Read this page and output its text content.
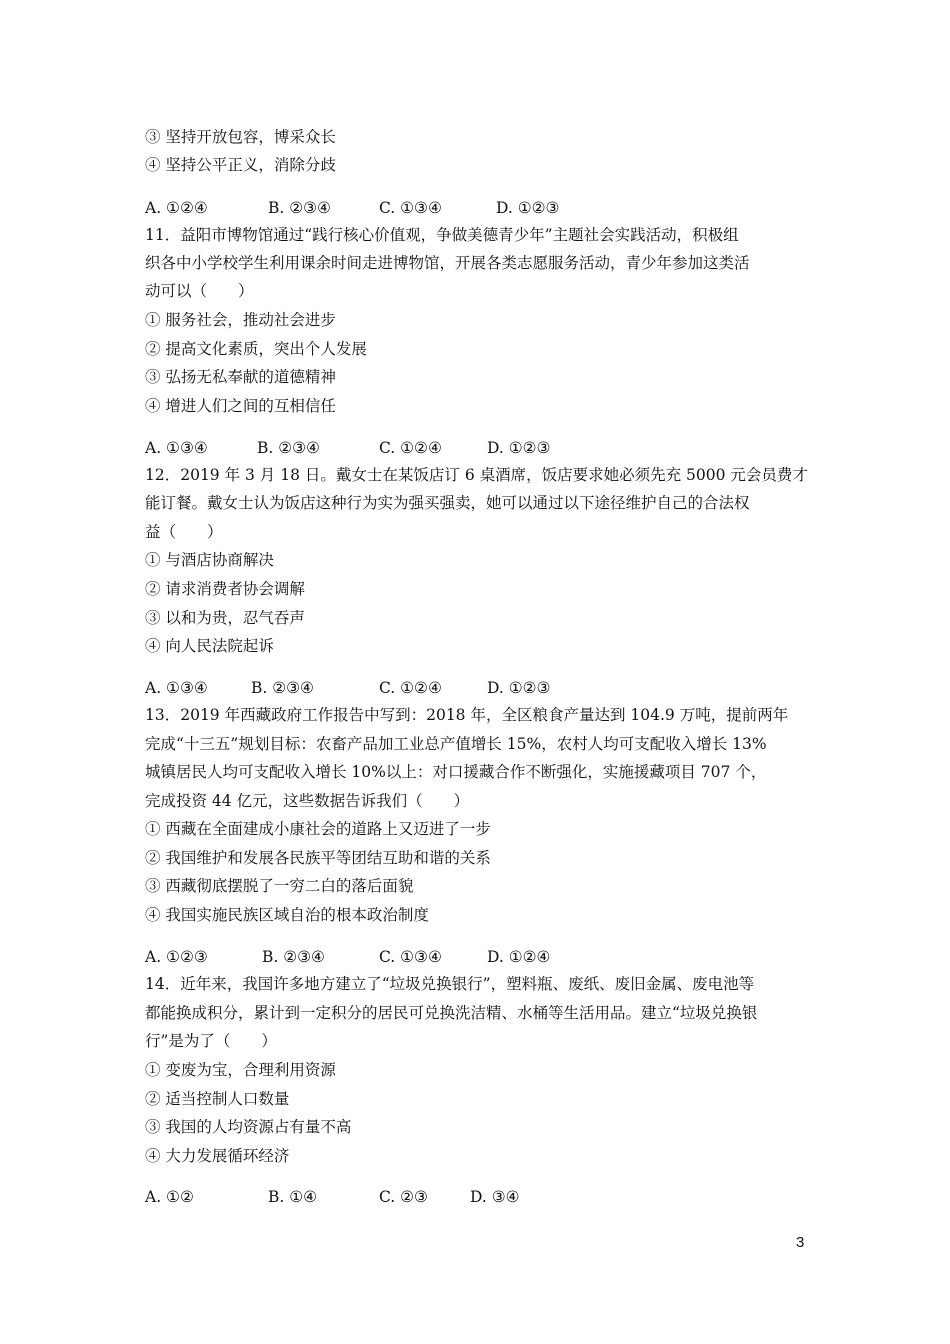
③ 坚持开放包容，博采众长
④ 坚持公平正义，消除分歧
A. ①②④	B. ②③④	C. ①③④	D. ①②③
11．益阳市博物馆通过“践行核心价值观，争做美德青少年”主题社会实践活动，积极组
织各中小学校学生利用课余时间走进博物馆，开展各类志愿服务活动，青少年参加这类活
动可以（　　）
① 服务社会，推动社会进步
② 提高文化素质，突出个人发展
③ 弘扬无私奉献的道德精神
④ 增进人们之间的互相信任
A. ①③④	B. ②③④	C. ①②④	D. ①②③
12．2019 年 3 月 18 日。戴女士在某饭店订 6 桌酒席，饭店要求她必须先充 5000 元会员费才
能订餐。戴女士认为饭店这种行为实为强买强卖，她可以通过以下途径维护自己的合法权
益（　　）
① 与酒店协商解决
② 请求消费者协会调解
③ 以和为贵，忍气吞声
④ 向人民法院起诉
A. ①③④	B. ②③④	C. ①②④	D. ①②③
13．2019 年西藏政府工作报告中写到：2018 年，全区粮食产量达到 104.9 万吨，提前两年
完成“十三五”规划目标：农畜产品加工业总产值增长 15%，农村人均可支配收入增长 13%
城镇居民人均可支配收入增长 10%以上：对口援藏合作不断强化，实施援藏项目 707 个，
完成投资 44 亿元，这些数据告诉我们（　　）
① 西藏在全面建成小康社会的道路上又迈进了一步
② 我国维护和发展各民族平等团结互助和谐的关系
③ 西藏彻底摆脱了一穷二白的落后面貌
④ 我国实施民族区域自治的根本政治制度
A. ①②③	B. ②③④	C. ①③④	D. ①②④
14．近年来，我国许多地方建立了“垃圾兑换银行”，塑料瓶、废纸、废旧金属、废电池等
都能换成积分，累计到一定积分的居民可兑换洗洁精、水桶等生活用品。建立“垃圾兑换银
行”是为了（　　）
① 变废为宝，合理利用资源
② 适当控制人口数量
③ 我国的人均资源占有量不高
④ 大力发展循环经济
A. ①②	B. ①④	C. ②③	D. ③④
3
